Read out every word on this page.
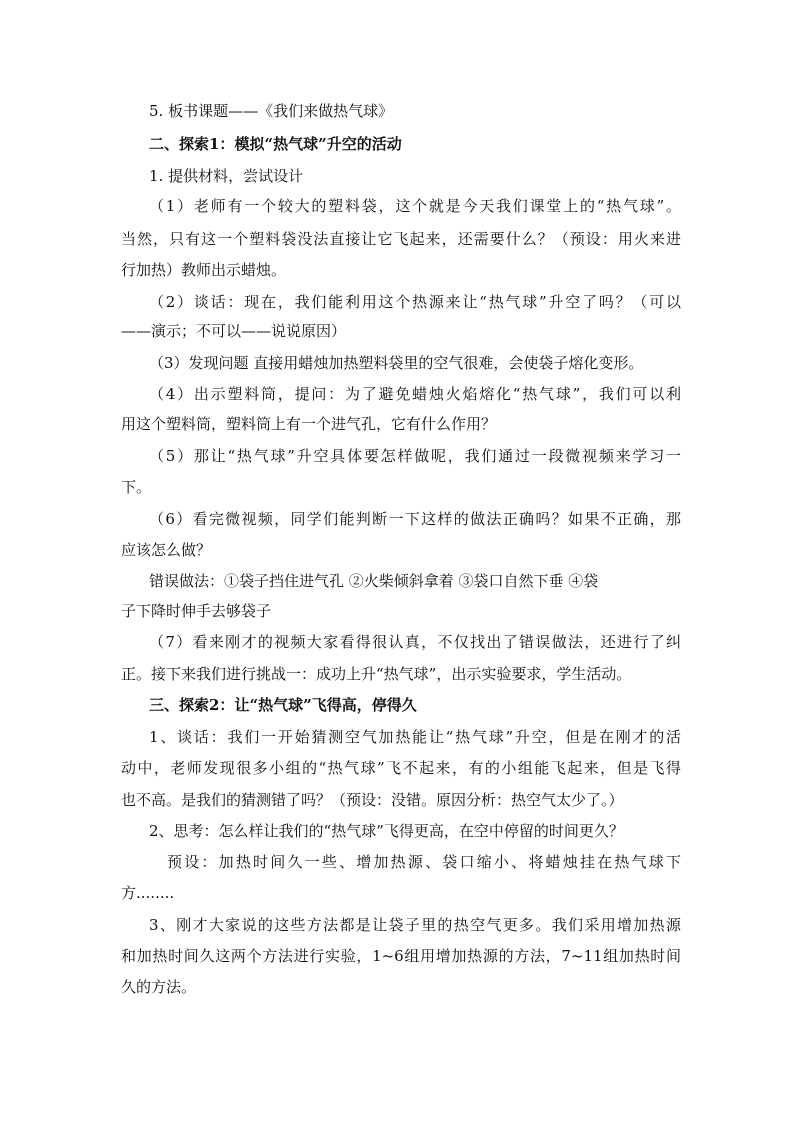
5. 板书课题——《我们来做热气球》
二、探索1：模拟“热气球”升空的活动
1. 提供材料，尝试设计
（1）老师有一个较大的塑料袋，这个就是今天我们课堂上的“热气球”。
当然，只有这一个塑料袋没法直接让它飞起来，还需要什么？（预设：用火来进
行加热）教师出示蜡烛。
（2）谈话：现在，我们能利用这个热源来让“热气球”升空了吗？（可以
——演示；不可以——说说原因）
（3）发现问题 直接用蜡烛加热塑料袋里的空气很难，会使袋子熔化变形。
（4）出示塑料筒，提问：为了避免蜡烛火焰熔化“热气球”，我们可以利
用这个塑料筒，塑料筒上有一个进气孔，它有什么作用？
（5）那让“热气球”升空具体要怎样做呢，我们通过一段微视频来学习一
下。
（6）看完微视频，同学们能判断一下这样的做法正确吗？如果不正确，那
应该怎么做？
错误做法：①袋子挡住进气孔 ②火柴倾斜拿着 ③袋口自然下垂 ④袋
子下降时伸手去够袋子
（7）看来刚才的视频大家看得很认真，不仅找出了错误做法，还进行了纠
正。接下来我们进行挑战一：成功上升“热气球”，出示实验要求，学生活动。
三、探索2：让“热气球”飞得高，停得久
1、谈话：我们一开始猜测空气加热能让“热气球”升空，但是在刚才的活
动中，老师发现很多小组的“热气球”飞不起来，有的小组能飞起来，但是飞得
也不高。是我们的猜测错了吗？（预设：没错。原因分析：热空气太少了。）
2、思考：怎么样让我们的“热气球”飞得更高，在空中停留的时间更久？
预设：加热时间久一些、增加热源、袋口缩小、将蜡烛挂在热气球下
方........
3、刚才大家说的这些方法都是让袋子里的热空气更多。我们采用增加热源
和加热时间久这两个方法进行实验，1~6组用增加热源的方法，7~11组加热时间
久的方法。
